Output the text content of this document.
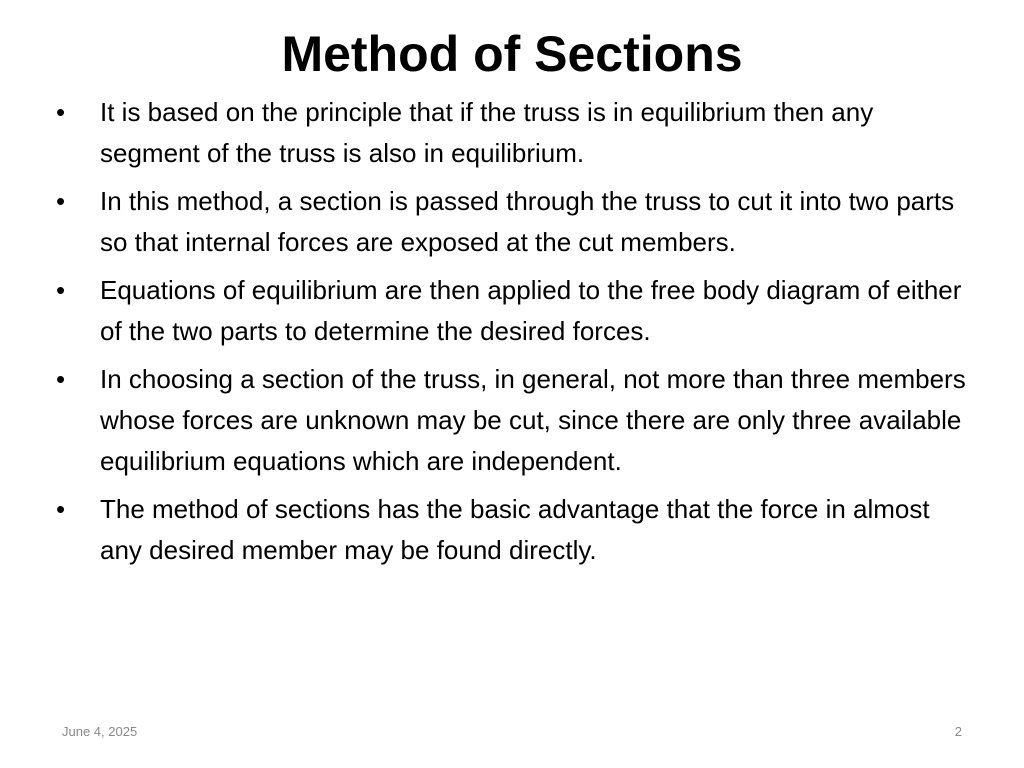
Method of Sections
•	It is based on the principle that if the truss is in equilibrium then any segment of the truss is also in equilibrium.
•	In this method, a section is passed through the truss to cut it into two parts so that internal forces are exposed at the cut members.
•	Equations of equilibrium are then applied to the free body diagram of either of the two parts to determine the desired forces.
•	In choosing a section of the truss, in general, not more than three members whose forces are unknown may be cut, since there are only three available equilibrium equations which are independent.
•	The method of sections has the basic advantage that the force in almost any desired member may be found directly.
June 4, 2025	2
